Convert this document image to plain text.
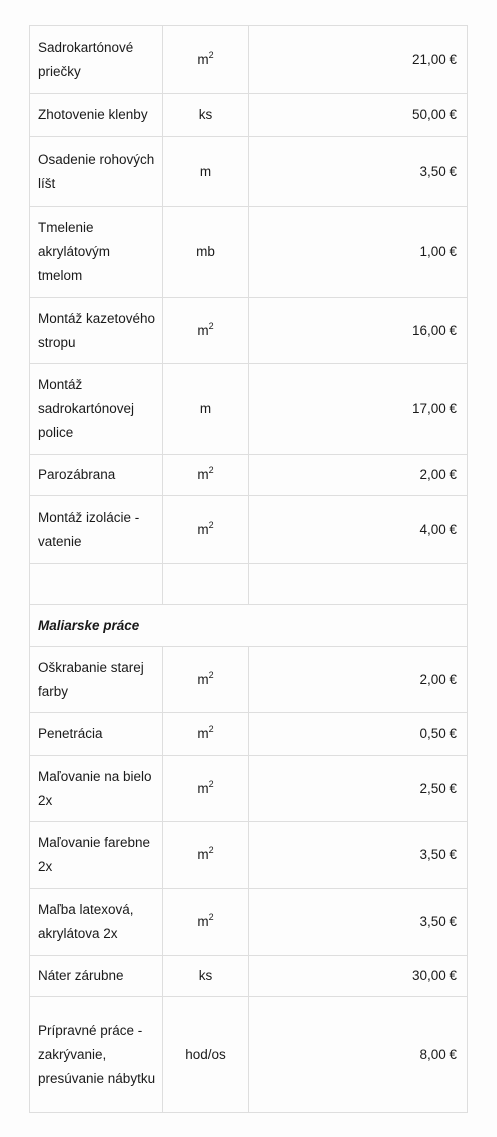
Sadrokartónové priečky	$m^2$	21,00 €
Zhotovenie klenby	ks	50,00 €
Osadenie rohových líšt	m	3,50 €
Tmelenie akrylátovým tmelom	mb	1,00 €
Montáž kazetového stropu	$m^2$	16,00 €
Montáž sadrokartónovej police	m	17,00 €
Parozábrana	$m^2$	2,00 €
Montáž izolácie - vatenie	$m^2$	4,00 €

Maliarske práce		
Oškrabanie starej farby	$m^2$	2,00 €
Penetrácia	$m^2$	0,50 €
Maľovanie na bielo 2x	$m^2$	2,50 €
Maľovanie farebne 2x	$m^2$	3,50 €
Maľba latexová, akrylátova 2x	$m^2$	3,50 €
Náter zárubne	ks	30,00 €
Prípravné práce - zakrývanie, presúvanie nábytku	hod/os	8,00 €
